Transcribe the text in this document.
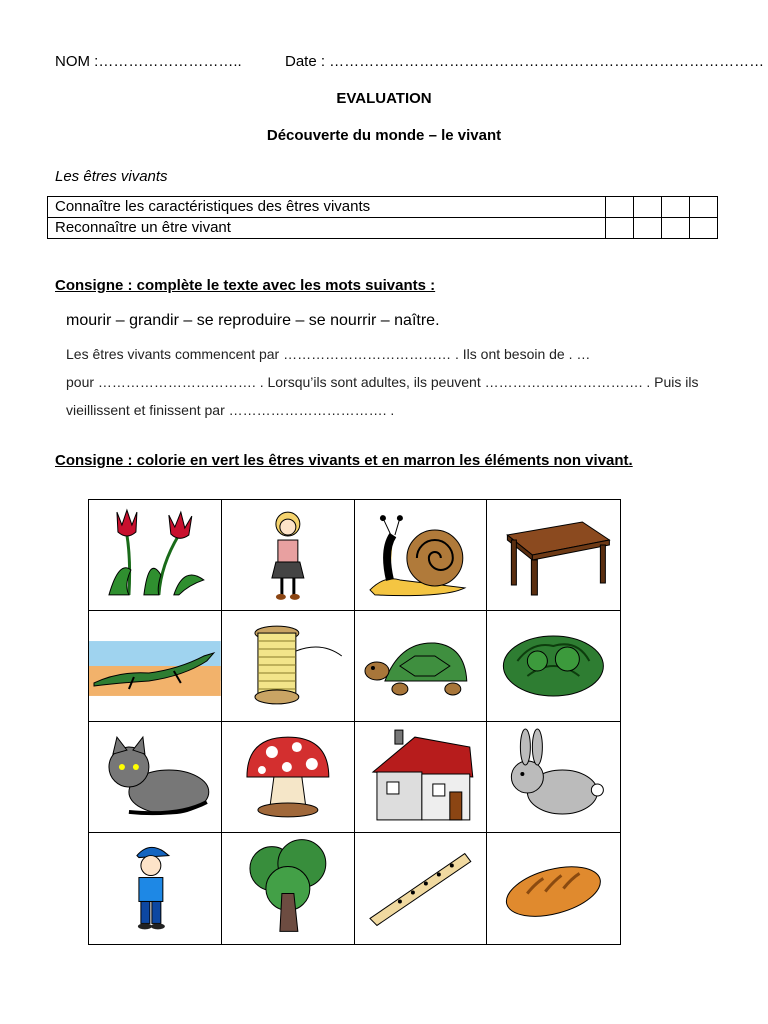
NOM :………………………..	Date : ……………………………………………………………………………
EVALUATION
Découverte du monde – le vivant
Les êtres vivants
Connaître les caractéristiques des êtres vivants				
Reconnaître un être vivant				
Consigne : complète le texte avec les mots suivants :
mourir – grandir – se reproduire – se nourrir – naître.
Les êtres vivants commencent par ……………………………… . Ils ont besoin de . …
pour ……………………………. . Lorsqu’ils sont adultes, ils peuvent ……………………………. . Puis ils
vieillissent et finissent par ……………………………. .
Consigne : colorie en vert les êtres vivants et en marron les éléments non vivant.
